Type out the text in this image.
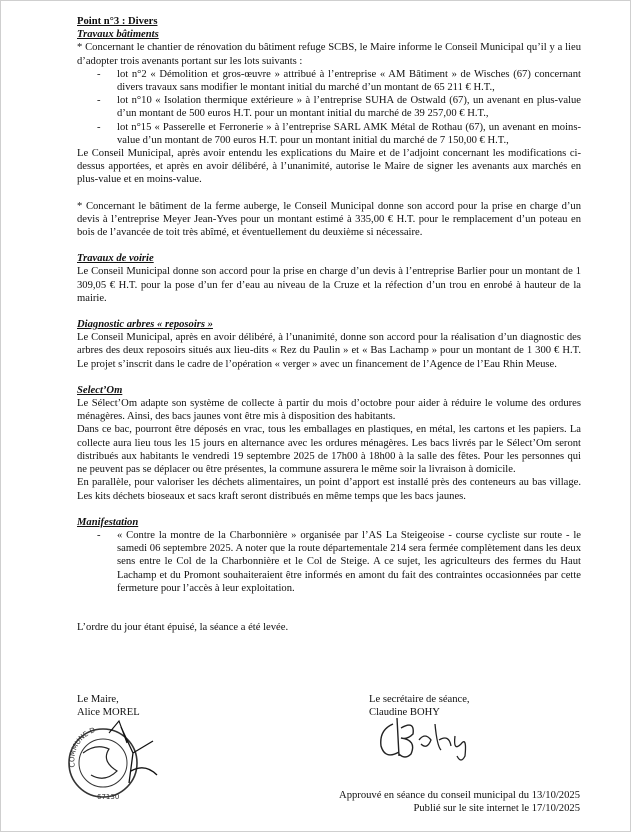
Point n°3 : Divers
Travaux bâtiments

* Concernant le chantier de rénovation du bâtiment refuge SCBS, le Maire informe le Conseil Municipal qu’il y a lieu d’adopter trois avenants portant sur les lots suivants :

- lot n°2 « Démolition et gros-œuvre » attribué à l’entreprise « AM Bâtiment » de Wisches (67) concernant divers travaux sans modifier le montant initial du marché d’un montant de 65 211 € H.T.,
- lot n°10 « Isolation thermique extérieure » à l’entreprise SUHA de Ostwald (67), un avenant en plus-value d’un montant de 500 euros H.T. pour un montant initial du marché de 39 257,00 € H.T.,
- lot n°15 « Passerelle et Ferronerie » à l’entreprise SARL AMK Métal de Rothau (67), un avenant en moins-value d’un montant de 700 euros H.T. pour un montant initial du marché de 7 150,00 € H.T.,

Le Conseil Municipal, après avoir entendu les explications du Maire et de l’adjoint concernant les modifications ci-dessus apportées, et après en avoir délibéré, à l’unanimité, autorise le Maire de signer les avenants aux marchés en plus-value et en moins-value.

* Concernant le bâtiment de la ferme auberge, le Conseil Municipal donne son accord pour la prise en charge d’un devis à l’entreprise Meyer Jean-Yves pour un montant estimé à 335,00 € H.T. pour le remplacement d’un poteau en bois de l’avancée de toit très abîmé, et éventuellement du deuxième si nécessaire.

Travaux de voirie

Le Conseil Municipal donne son accord pour la prise en charge d’un devis à l’entreprise Barlier pour un montant de 1 309,05 € H.T. pour la pose d’un fer d’eau au niveau de la Cruze et la réfection d’un trou en enrobé à hauteur de la mairie.

Diagnostic arbres « reposoirs »

Le Conseil Municipal, après en avoir délibéré, à l’unanimité, donne son accord pour la réalisation d’un diagnostic des arbres des deux reposoirs situés aux lieu-dits « Rez du Paulin » et « Bas Lachamp » pour un montant de 1 300 € H.T. Le projet s’inscrit dans le cadre de l’opération « verger » avec un financement de l’Agence de l’Eau Rhin Meuse.

Select’Om

Le Sélect’Om adapte son système de collecte à partir du mois d’octobre pour aider à réduire le volume des ordures ménagères. Ainsi, des bacs jaunes vont être mis à disposition des habitants.

Dans ce bac, pourront être déposés en vrac, tous les emballages en plastiques, en métal, les cartons et les papiers. La collecte aura lieu tous les 15 jours en alternance avec les ordures ménagères. Les bacs livrés par le Sélect’Om seront distribués aux habitants le vendredi 19 septembre 2025 de 17h00 à 18h00 à la salle des fêtes. Pour les personnes qui ne peuvent pas se déplacer ou être présentes, la commune assurera le même soir la livraison à domicile.

En parallèle, pour valoriser les déchets alimentaires, un point d’apport est installé près des conteneurs au bas village. Les kits déchets bioseaux et sacs kraft seront distribués en même temps que les bacs jaunes.

Manifestation
- « Contre la montre de la Charbonnière » organisée par l’AS La Steigeoise - course cycliste sur route - le samedi 06 septembre 2025. A noter que la route départementale 214 sera fermée complètement dans les deux sens entre le Col de la Charbonnière et le Col de Steige. A ce sujet, les agriculteurs des fermes du Haut Lachamp et du Promont souhaiteraient être informés en amont du fait des contraintes occasionnées par cette fermeture pour l’accès à leur exploitation.

L’ordre du jour étant épuisé, la séance a été levée.

Le Maire,
Alice MOREL
COMMUNE D
67130
Le secrétaire de séance,
Claudine BOHY
Approuvé en séance du conseil municipal du 13/10/2025
Publié sur le site internet le 17/10/2025
